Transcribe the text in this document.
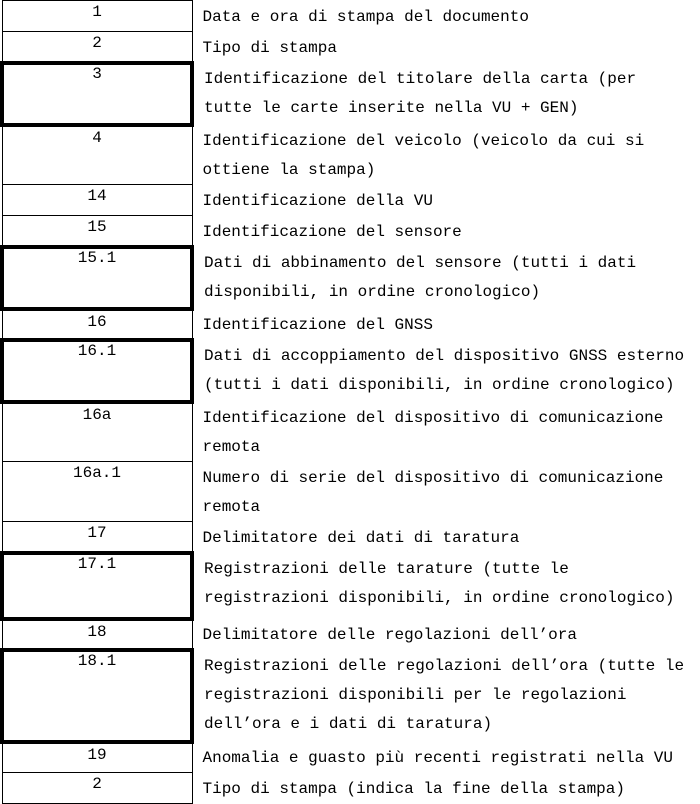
1	Data e ora di stampa del documento

2	Tipo di stampa

3	Identificazione del titolare della carta (per
tutte le carte inserite nella VU + GEN)

4	Identificazione del veicolo (veicolo da cui si
ottiene la stampa)

14	Identificazione della VU

15	Identificazione del sensore

15.1	Dati di abbinamento del sensore (tutti i dati
disponibili, in ordine cronologico)

16	Identificazione del GNSS

16.1	Dati di accoppiamento del dispositivo GNSS esterno
(tutti i dati disponibili, in ordine cronologico)

16a	Identificazione del dispositivo di comunicazione
remota

16a.1	Numero di serie del dispositivo di comunicazione
remota

17	Delimitatore dei dati di taratura

17.1	Registrazioni delle tarature (tutte le
registrazioni disponibili, in ordine cronologico)

18	Delimitatore delle regolazioni dell’ora

18.1	Registrazioni delle regolazioni dell’ora (tutte le
registrazioni disponibili per le regolazioni
dell’ora e i dati di taratura)

19	Anomalia e guasto più recenti registrati nella VU

2	Tipo di stampa (indica la fine della stampa)
